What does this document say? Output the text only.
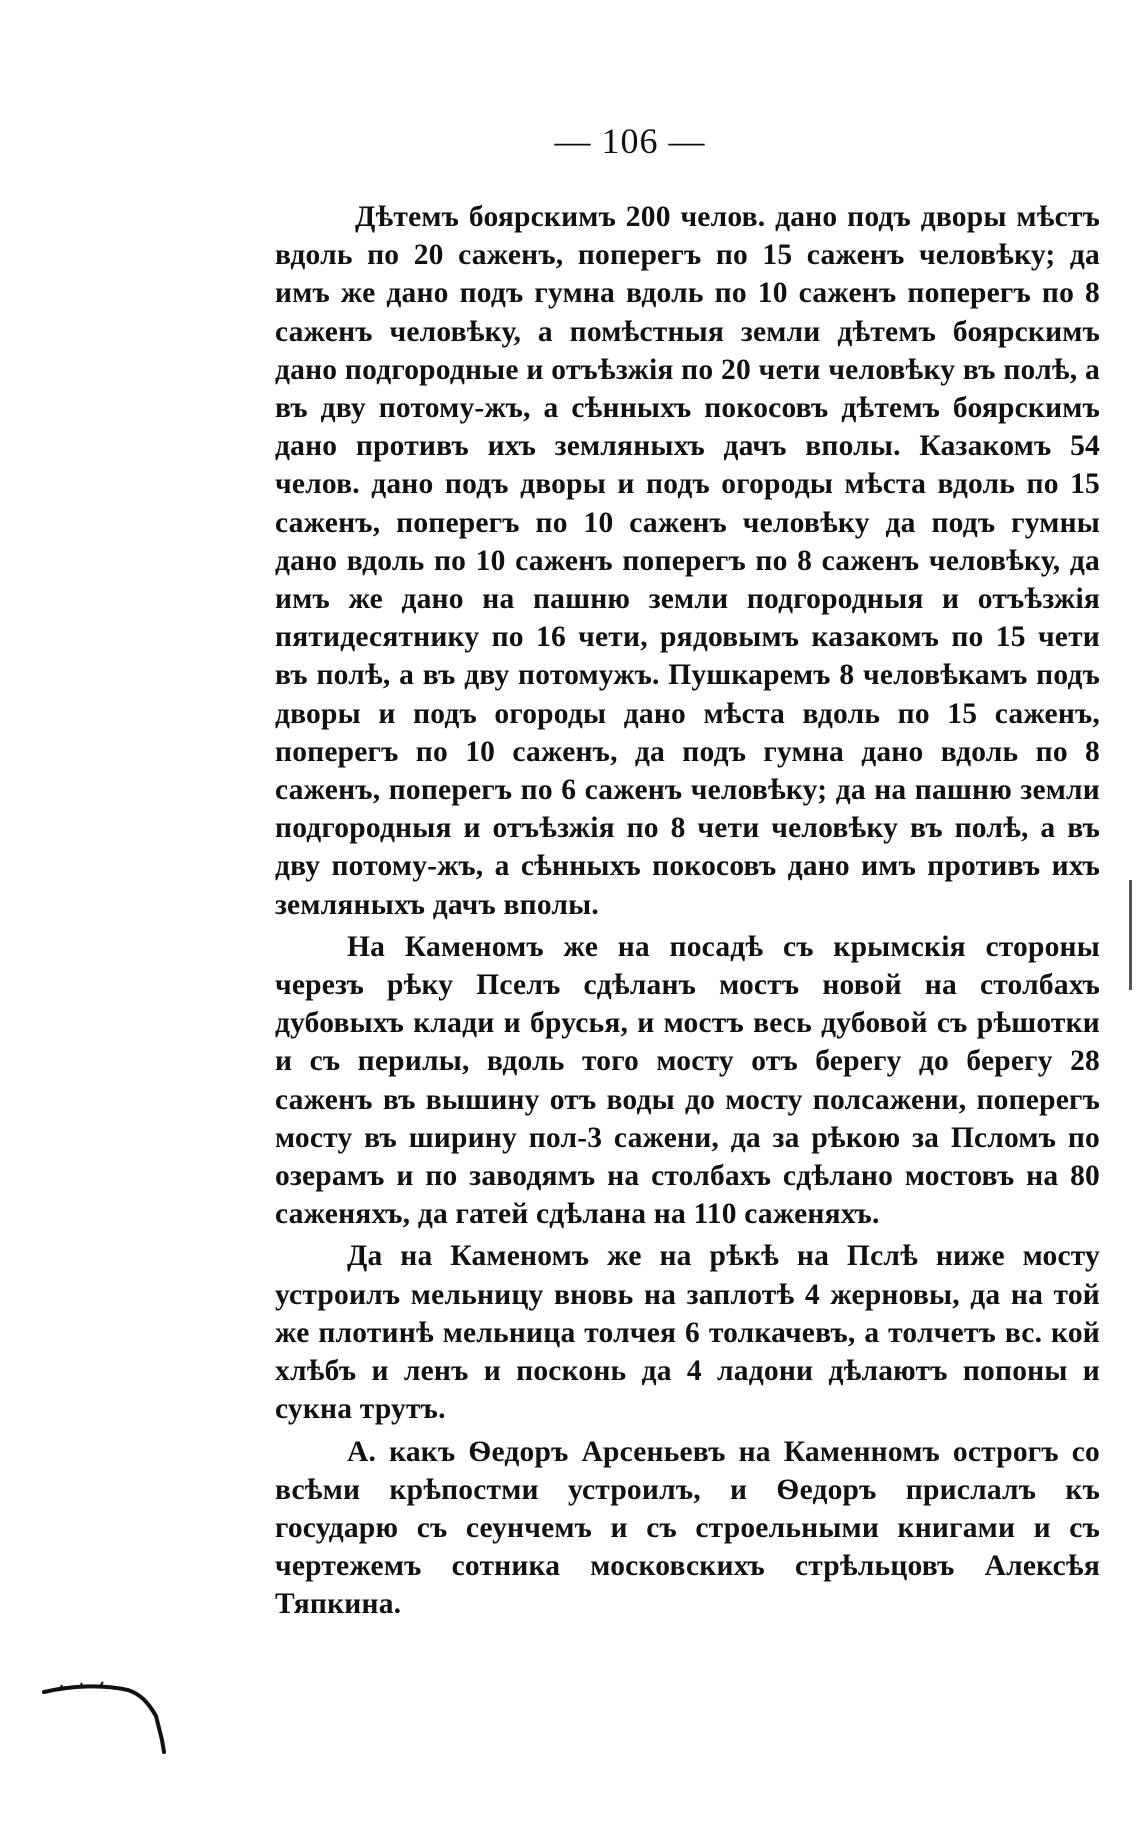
— 106 —

Дѣтемъ боярскимъ 200 челов. дано подъ дворы мѣстъ вдоль по 20 саженъ, поперегъ по 15 саженъ человѣку; да имъ же дано подъ гумна вдоль по 10 саженъ поперегъ по 8 саженъ человѣку, а помѣстныя земли дѣтемъ боярскимъ дано подгородные и отъѣзжія по 20 чети человѣку въ полѣ, а въ дву потому-жъ, а сѣнныхъ покосовъ дѣтемъ боярскимъ дано противъ ихъ земляныхъ дачъ вполы. Казакомъ 54 челов. дано подъ дворы и подъ огороды мѣста вдоль по 15 саженъ, поперегъ по 10 саженъ человѣку да подъ гумны дано вдоль по 10 саженъ поперегъ по 8 саженъ человѣку, да имъ же дано на пашню земли подгородныя и отъѣзжія пятидесятнику по 16 чети, рядовымъ казакомъ по 15 чети въ полѣ, а въ дву потомужъ. Пушкаремъ 8 человѣкамъ подъ дворы и подъ огороды дано мѣста вдоль по 15 саженъ, поперегъ по 10 саженъ, да подъ гумна дано вдоль по 8 саженъ, поперегъ по 6 саженъ человѣку; да на пашню земли подгородныя и отъѣзжія по 8 чети человѣку въ полѣ, а въ дву потому-жъ, а сѣнныхъ покосовъ дано имъ противъ ихъ земляныхъ дачъ вполы.

На Каменомъ же на посадѣ съ крымскія стороны черезъ рѣку Пселъ сдѣланъ мостъ новой на столбахъ дубовыхъ клади и брусья, и мостъ весь дубовой съ рѣшотки и съ перилы, вдоль того мосту отъ берегу до берегу 28 саженъ въ вышину отъ воды до мосту полсажени, поперегъ мосту въ ширину пол-3 сажени, да за рѣкою за Псломъ по озерамъ и по заводямъ на столбахъ сдѣлано мостовъ на 80 саженяхъ, да гатей сдѣлана на 110 саженяхъ.

Да на Каменомъ же на рѣкѣ на Пслѣ ниже мосту устроилъ мельницу вновь на заплотѣ 4 жерновы, да на той же плотинѣ мельница толчея 6 толкачевъ, а толчетъ вс. кой хлѣбъ и ленъ и посконь да 4 ладони дѣлаютъ попоны и сукна трутъ.

А. какъ Ѳедоръ Арсеньевъ на Каменномъ острогъ со всѣми крѣпостми устроилъ, и Ѳедоръ прислалъ къ государю съ сеунчемъ и съ строельными книгами и съ чертежемъ сотника московскихъ стрѣльцовъ Алексѣя Тяпкина.
